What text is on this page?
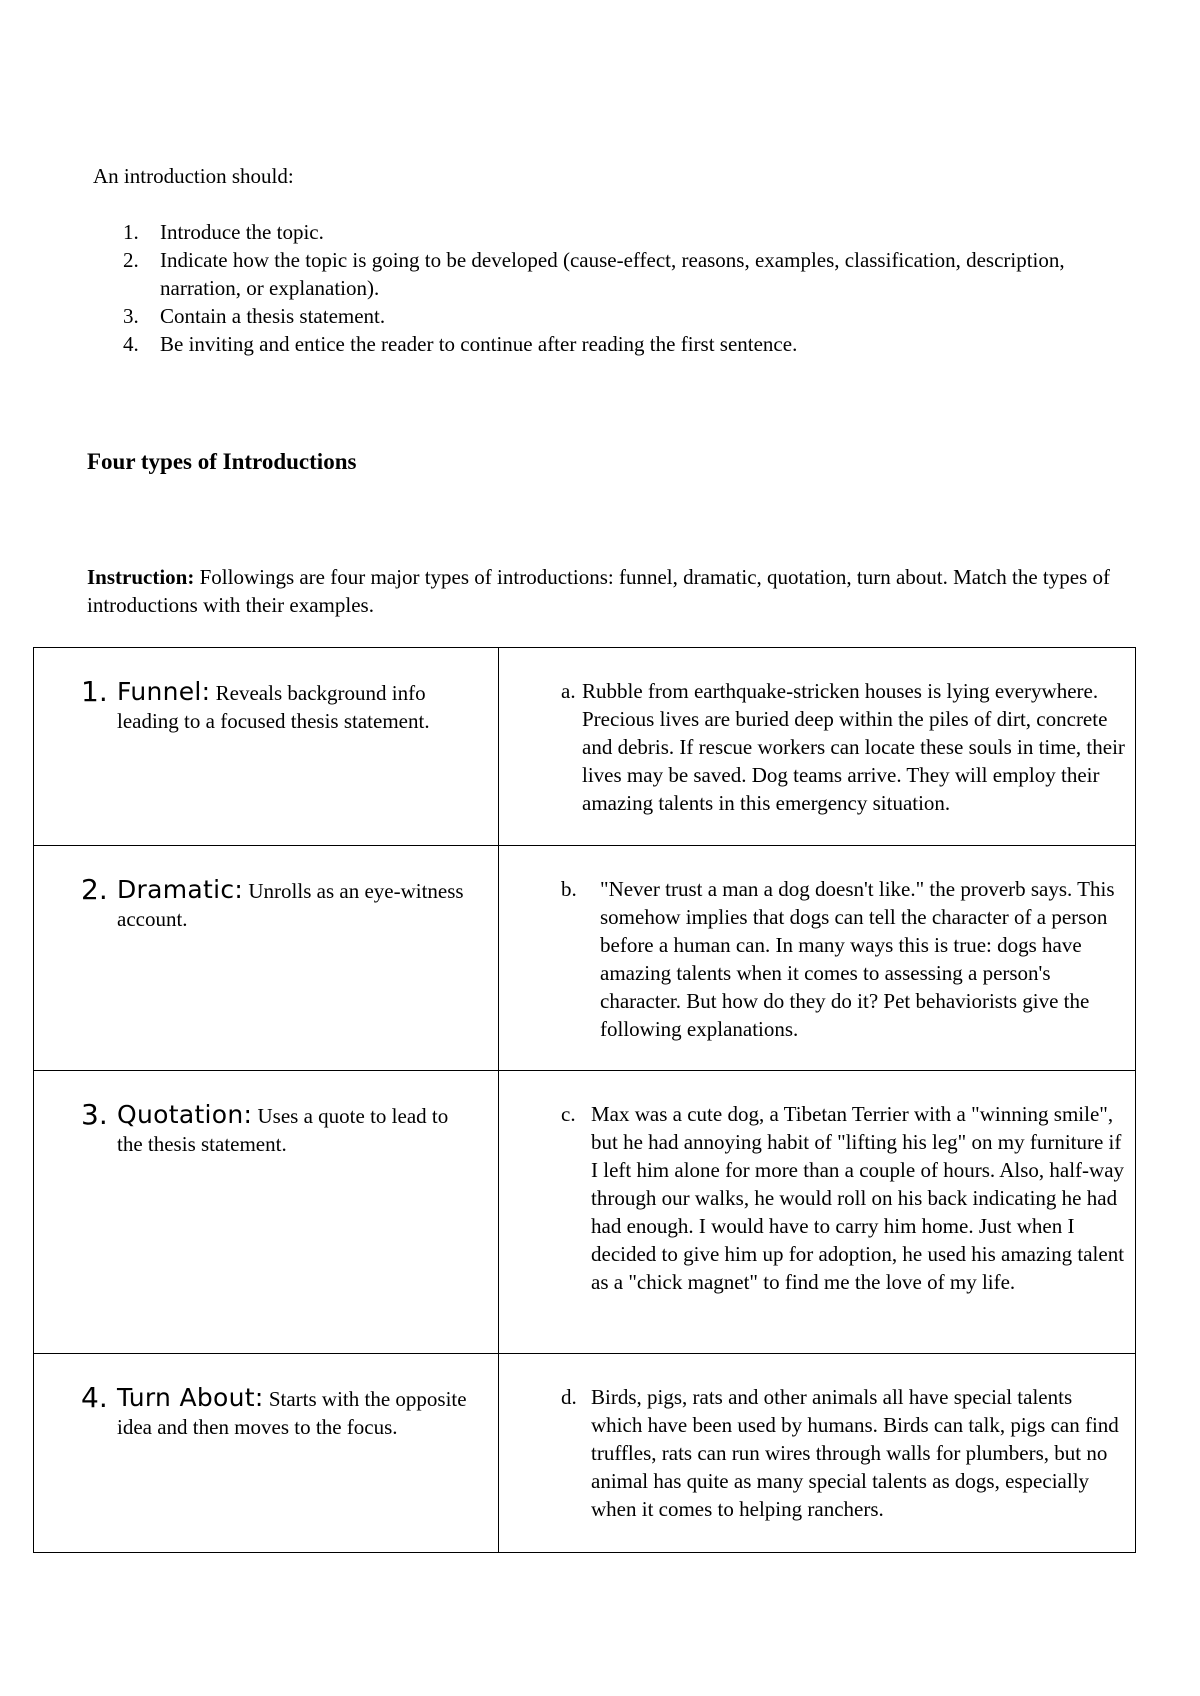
An introduction should:
1. Introduce the topic.
2. Indicate how the topic is going to be developed (cause-effect, reasons, examples, classification, description, narration, or explanation).
3. Contain a thesis statement.
4. Be inviting and entice the reader to continue after reading the first sentence.
Four types of Introductions
Instruction: Followings are four major types of introductions: funnel, dramatic, quotation, turn about. Match the types of introductions with their examples.
1. Funnel: Reveals background info leading to a focused thesis statement.	a. Rubble from earthquake-stricken houses is lying everywhere. Precious lives are buried deep within the piles of dirt, concrete and debris. If rescue workers can locate these souls in time, their lives may be saved. Dog teams arrive. They will employ their amazing talents in this emergency situation.

2. Dramatic: Unrolls as an eye-witness account.	b. "Never trust a man a dog doesn't like." the proverb says. This somehow implies that dogs can tell the character of a person before a human can. In many ways this is true: dogs have amazing talents when it comes to assessing a person's character. But how do they do it? Pet behaviorists give the following explanations.

3. Quotation: Uses a quote to lead to the thesis statement.	c. Max was a cute dog, a Tibetan Terrier with a "winning smile", but he had annoying habit of "lifting his leg" on my furniture if I left him alone for more than a couple of hours. Also, half-way through our walks, he would roll on his back indicating he had had enough. I would have to carry him home. Just when I decided to give him up for adoption, he used his amazing talent as a "chick magnet" to find me the love of my life.

4. Turn About: Starts with the opposite idea and then moves to the focus.	d. Birds, pigs, rats and other animals all have special talents which have been used by humans. Birds can talk, pigs can find truffles, rats can run wires through walls for plumbers, but no animal has quite as many special talents as dogs, especially when it comes to helping ranchers.
